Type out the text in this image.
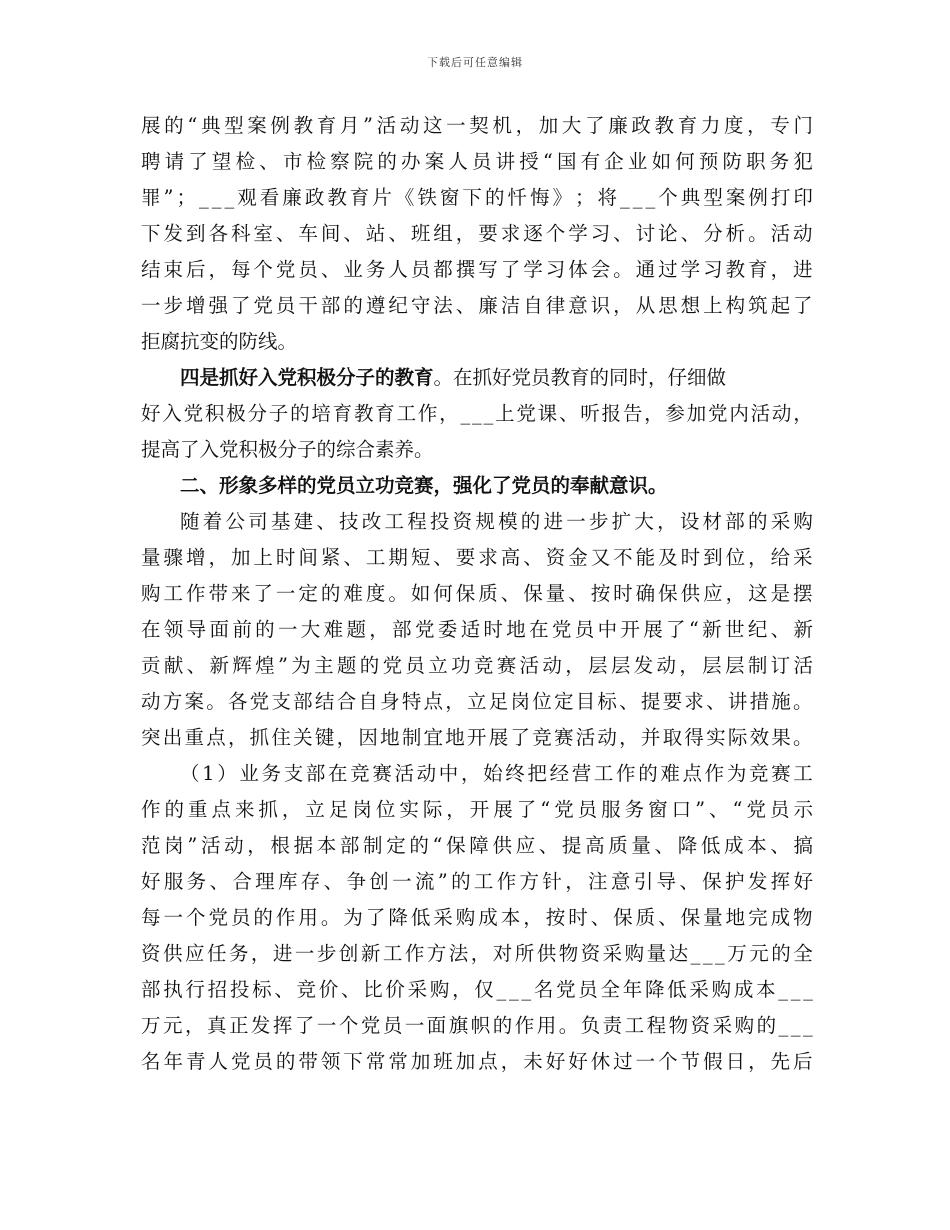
下载后可任意编辑
展 的 “ 典 型 案 例 教 育 月 ” 活 动 这 一 契 机 ， 加 大 了 廉 政 教 育 力 度 ， 专 门
聘 请 了 望 检 、 市 检 察 院 的 办 案 人 员 讲 授 “ 国 有 企 业 如 何 预 防 职 务 犯
罪 ” ； _ _ _ 观 看 廉 政 教 育 片 《 铁 窗 下 的 忏 悔 》 ； 将 _ _ _ 个 典 型 案 例 打 印
下 发 到 各 科 室 、 车 间 、 站 、 班 组 ， 要 求 逐 个 学 习 、 讨 论 、 分 析 。 活 动
结 束 后 ， 每 个 党 员 、 业 务 人 员 都 撰 写 了 学 习 体 会 。 通 过 学 习 教 育 ， 进
一 步 增 强 了 党 员 干 部 的 遵 纪 守 法 、 廉 洁 自 律 意 识 ， 从 思 想 上 构 筑 起 了
拒腐抗变的防线。
四是抓好入党积极分子的教育 。在抓好党员教育的同时，仔细做
好 入 党 积 极 分 子 的 培 育 教 育 工 作 ， _ _ _ 上 党 课 、 听 报 告 ， 参 加 党 内 活 动 ，
提高了入党积极分子的综合素养。
二、形象多样的党员立功竞赛，强化了党员的奉献意识。
随 着 公 司 基 建 、 技 改 工 程 投 资 规 模 的 进 一 步 扩 大 ， 设 材 部 的 采 购
量 骤 增 ， 加 上 时 间 紧 、 工 期 短 、 要 求 高 、 资 金 又 不 能 及 时 到 位 ， 给 采
购 工 作 带 来 了 一 定 的 难 度 。 如 何 保 质 、 保 量 、 按 时 确 保 供 应 ， 这 是 摆
在 领 导 面 前 的 一 大 难 题 ， 部 党 委 适 时 地 在 党 员 中 开 展 了 “ 新 世 纪 、 新
贡 献 、 新 辉 煌 ” 为 主 题 的 党 员 立 功 竞 赛 活 动 ， 层 层 发 动 ， 层 层 制 订 活
动 方 案 。 各 党 支 部 结 合 自 身 特 点 ， 立 足 岗 位 定 目 标 、 提 要 求 、 讲 措 施 。
突 出 重 点 ， 抓 住 关 键 ， 因 地 制 宜 地 开 展 了 竞 赛 活 动 ， 并 取 得 实 际 效 果 。
（ 1 ） 业 务 支 部 在 竞 赛 活 动 中 ， 始 终 把 经 营 工 作 的 难 点 作 为 竞 赛 工
作 的 重 点 来 抓 ， 立 足 岗 位 实 际 ， 开 展 了 “ 党 员 服 务 窗 口 ” 、 “ 党 员 示
范 岗 ” 活 动 ， 根 据 本 部 制 定 的 “ 保 障 供 应 、 提 高 质 量 、 降 低 成 本 、 搞
好 服 务 、 合 理 库 存 、 争 创 一 流 ” 的 工 作 方 针 ， 注 意 引 导 、 保 护 发 挥 好
每 一 个 党 员 的 作 用 。 为 了 降 低 采 购 成 本 ， 按 时 、 保 质 、 保 量 地 完 成 物
资 供 应 任 务 ， 进 一 步 创 新 工 作 方 法 ， 对 所 供 物 资 采 购 量 达 _ _ _ 万 元 的 全
部 执 行 招 投 标 、 竞 价 、 比 价 采 购 ， 仅 _ _ _ 名 党 员 全 年 降 低 采 购 成 本 _ _ _
万 元 ， 真 正 发 挥 了 一 个 党 员 一 面 旗 帜 的 作 用 。 负 责 工 程 物 资 采 购 的 _ _ _
名 年 青 人 党 员 的 带 领 下 常 常 加 班 加 点 ， 未 好 好 休 过 一 个 节 假 日 ， 先 后
